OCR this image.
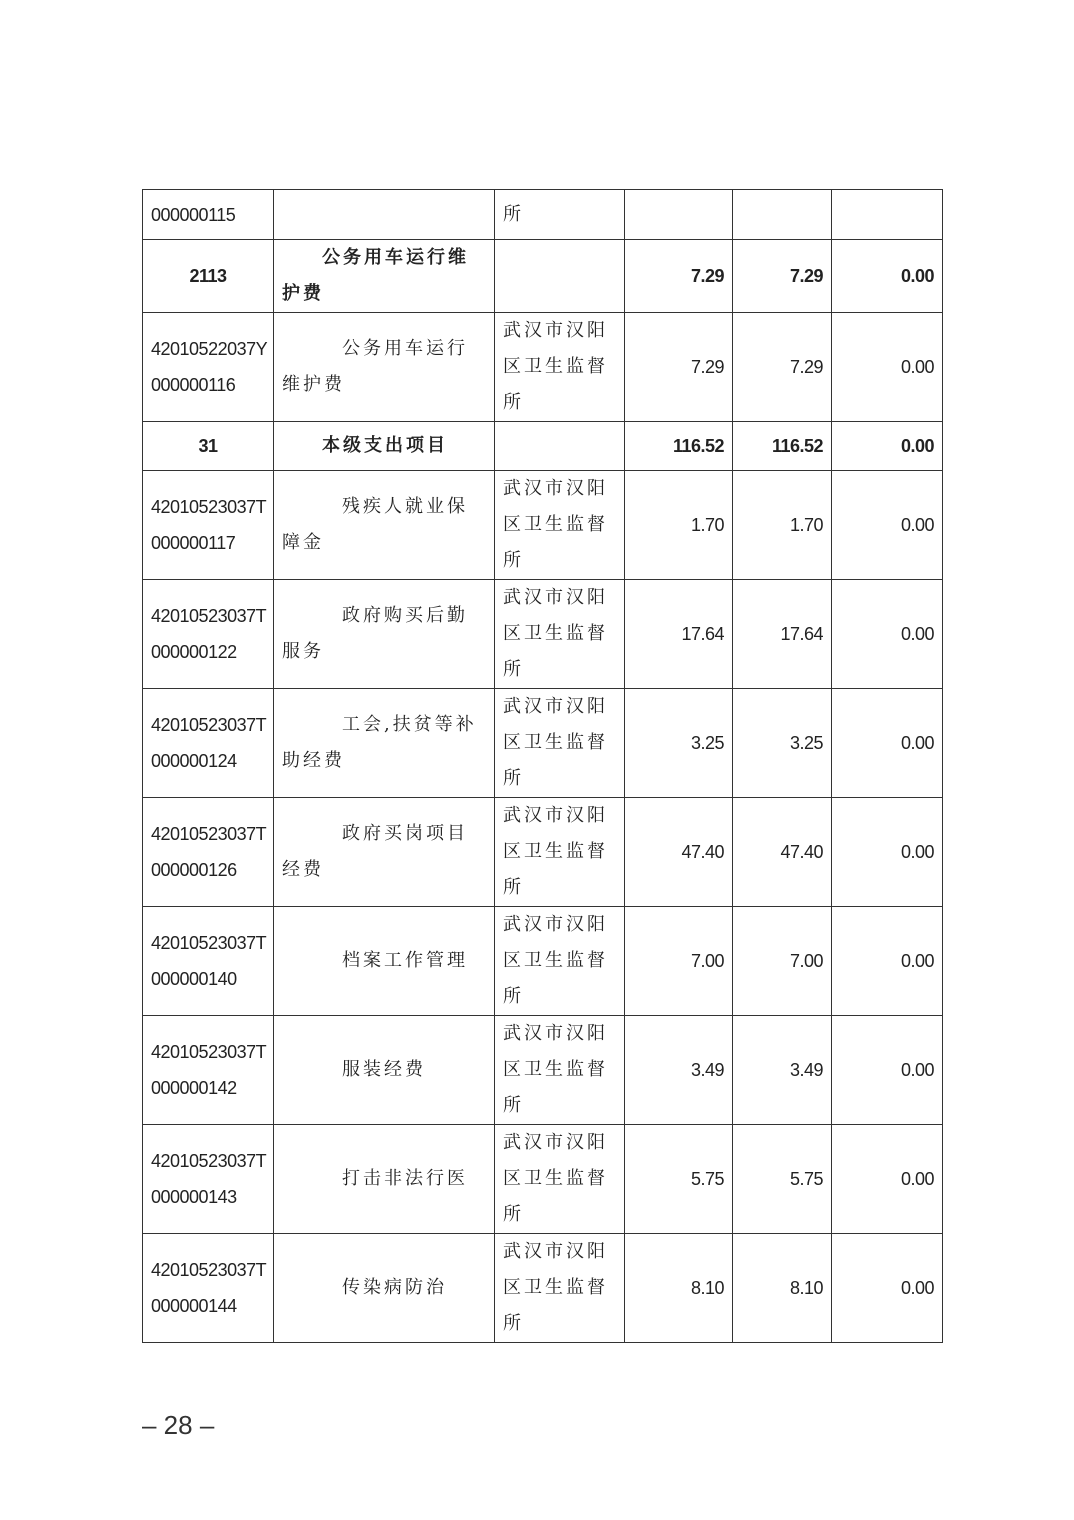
000000115		所			
2113	公务用车运行维护费		7.29	7.29	0.00

42010522037Y
000000116	公务用车运行维护费	武汉市汉阳区卫生监督所	7.29	7.29	0.00
31	本级支出项目		116.52	116.52	0.00

42010523037T
000000117	残疾人就业保障金	武汉市汉阳区卫生监督所	1.70	1.70	0.00

42010523037T
000000122	政府购买后勤服务	武汉市汉阳区卫生监督所	17.64	17.64	0.00

42010523037T
000000124	工会,扶贫等补助经费	武汉市汉阳区卫生监督所	3.25	3.25	0.00

42010523037T
000000126	政府买岗项目经费	武汉市汉阳区卫生监督所	47.40	47.40	0.00

42010523037T
000000140	档案工作管理	武汉市汉阳区卫生监督所	7.00	7.00	0.00

42010523037T
000000142	服装经费	武汉市汉阳区卫生监督所	3.49	3.49	0.00

42010523037T
000000143	打击非法行医	武汉市汉阳区卫生监督所	5.75	5.75	0.00

42010523037T
000000144	传染病防治	武汉市汉阳区卫生监督所	8.10	8.10	0.00
– 28 –
